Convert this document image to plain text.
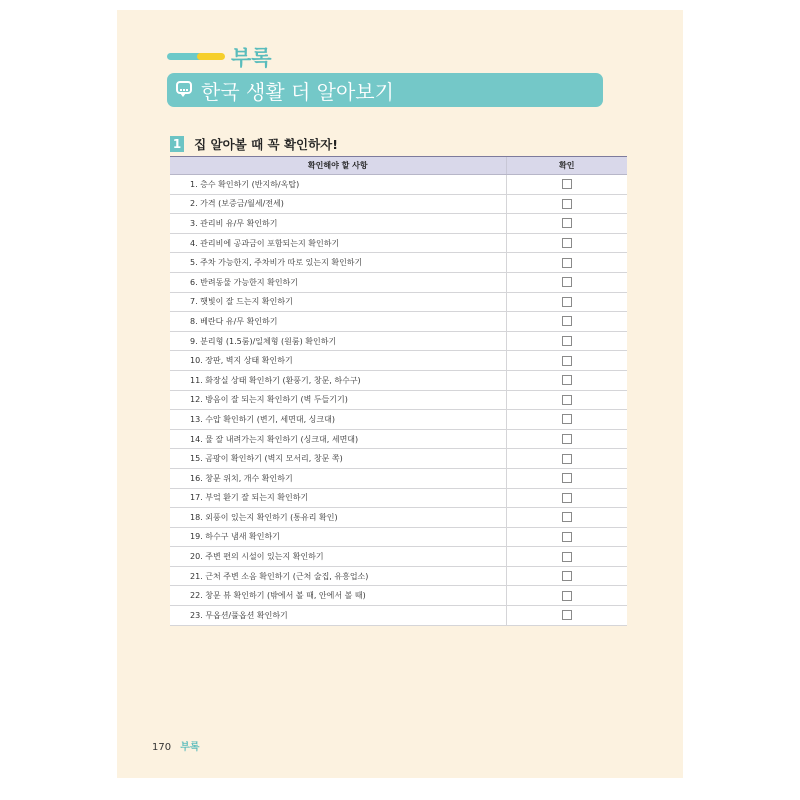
부록
한국 생활 더 알아보기
1 집 알아볼 때 꼭 확인하자!
확인해야 할 사항	확인
1. 층수 확인하기 (반지하/옥탑)	
2. 가격 (보증금/월세/전세)	
3. 관리비 유/무 확인하기	
4. 관리비에 공과금이 포함되는지 확인하기	
5. 주차 가능한지, 주차비가 따로 있는지 확인하기	
6. 반려동물 가능한지 확인하기	
7. 햇빛이 잘 드는지 확인하기	
8. 베란다 유/무 확인하기	
9. 분리형 (1.5룸)/일체형 (원룸) 확인하기	
10. 장판, 벽지 상태 확인하기	
11. 화장실 상태 확인하기 (환풍기, 창문, 하수구)	
12. 방음이 잘 되는지 확인하기 (벽 두들기기)	
13. 수압 확인하기 (변기, 세면대, 싱크대)	
14. 물 잘 내려가는지 확인하기 (싱크대, 세면대)	
15. 곰팡이 확인하기 (벽지 모서리, 창문 쪽)	
16. 창문 위치, 개수 확인하기	
17. 부엌 환기 잘 되는지 확인하기	
18. 외풍이 있는지 확인하기 (통유리 확인)	
19. 하수구 냄새 확인하기	
20. 주변 편의 시설이 있는지 확인하기	
21. 근처 주변 소음 확인하기 (근처 술집, 유흥업소)	
22. 창문 뷰 확인하기 (밖에서 볼 때, 안에서 볼 때)	
23. 무옵션/풀옵션 확인하기	
170 부록
